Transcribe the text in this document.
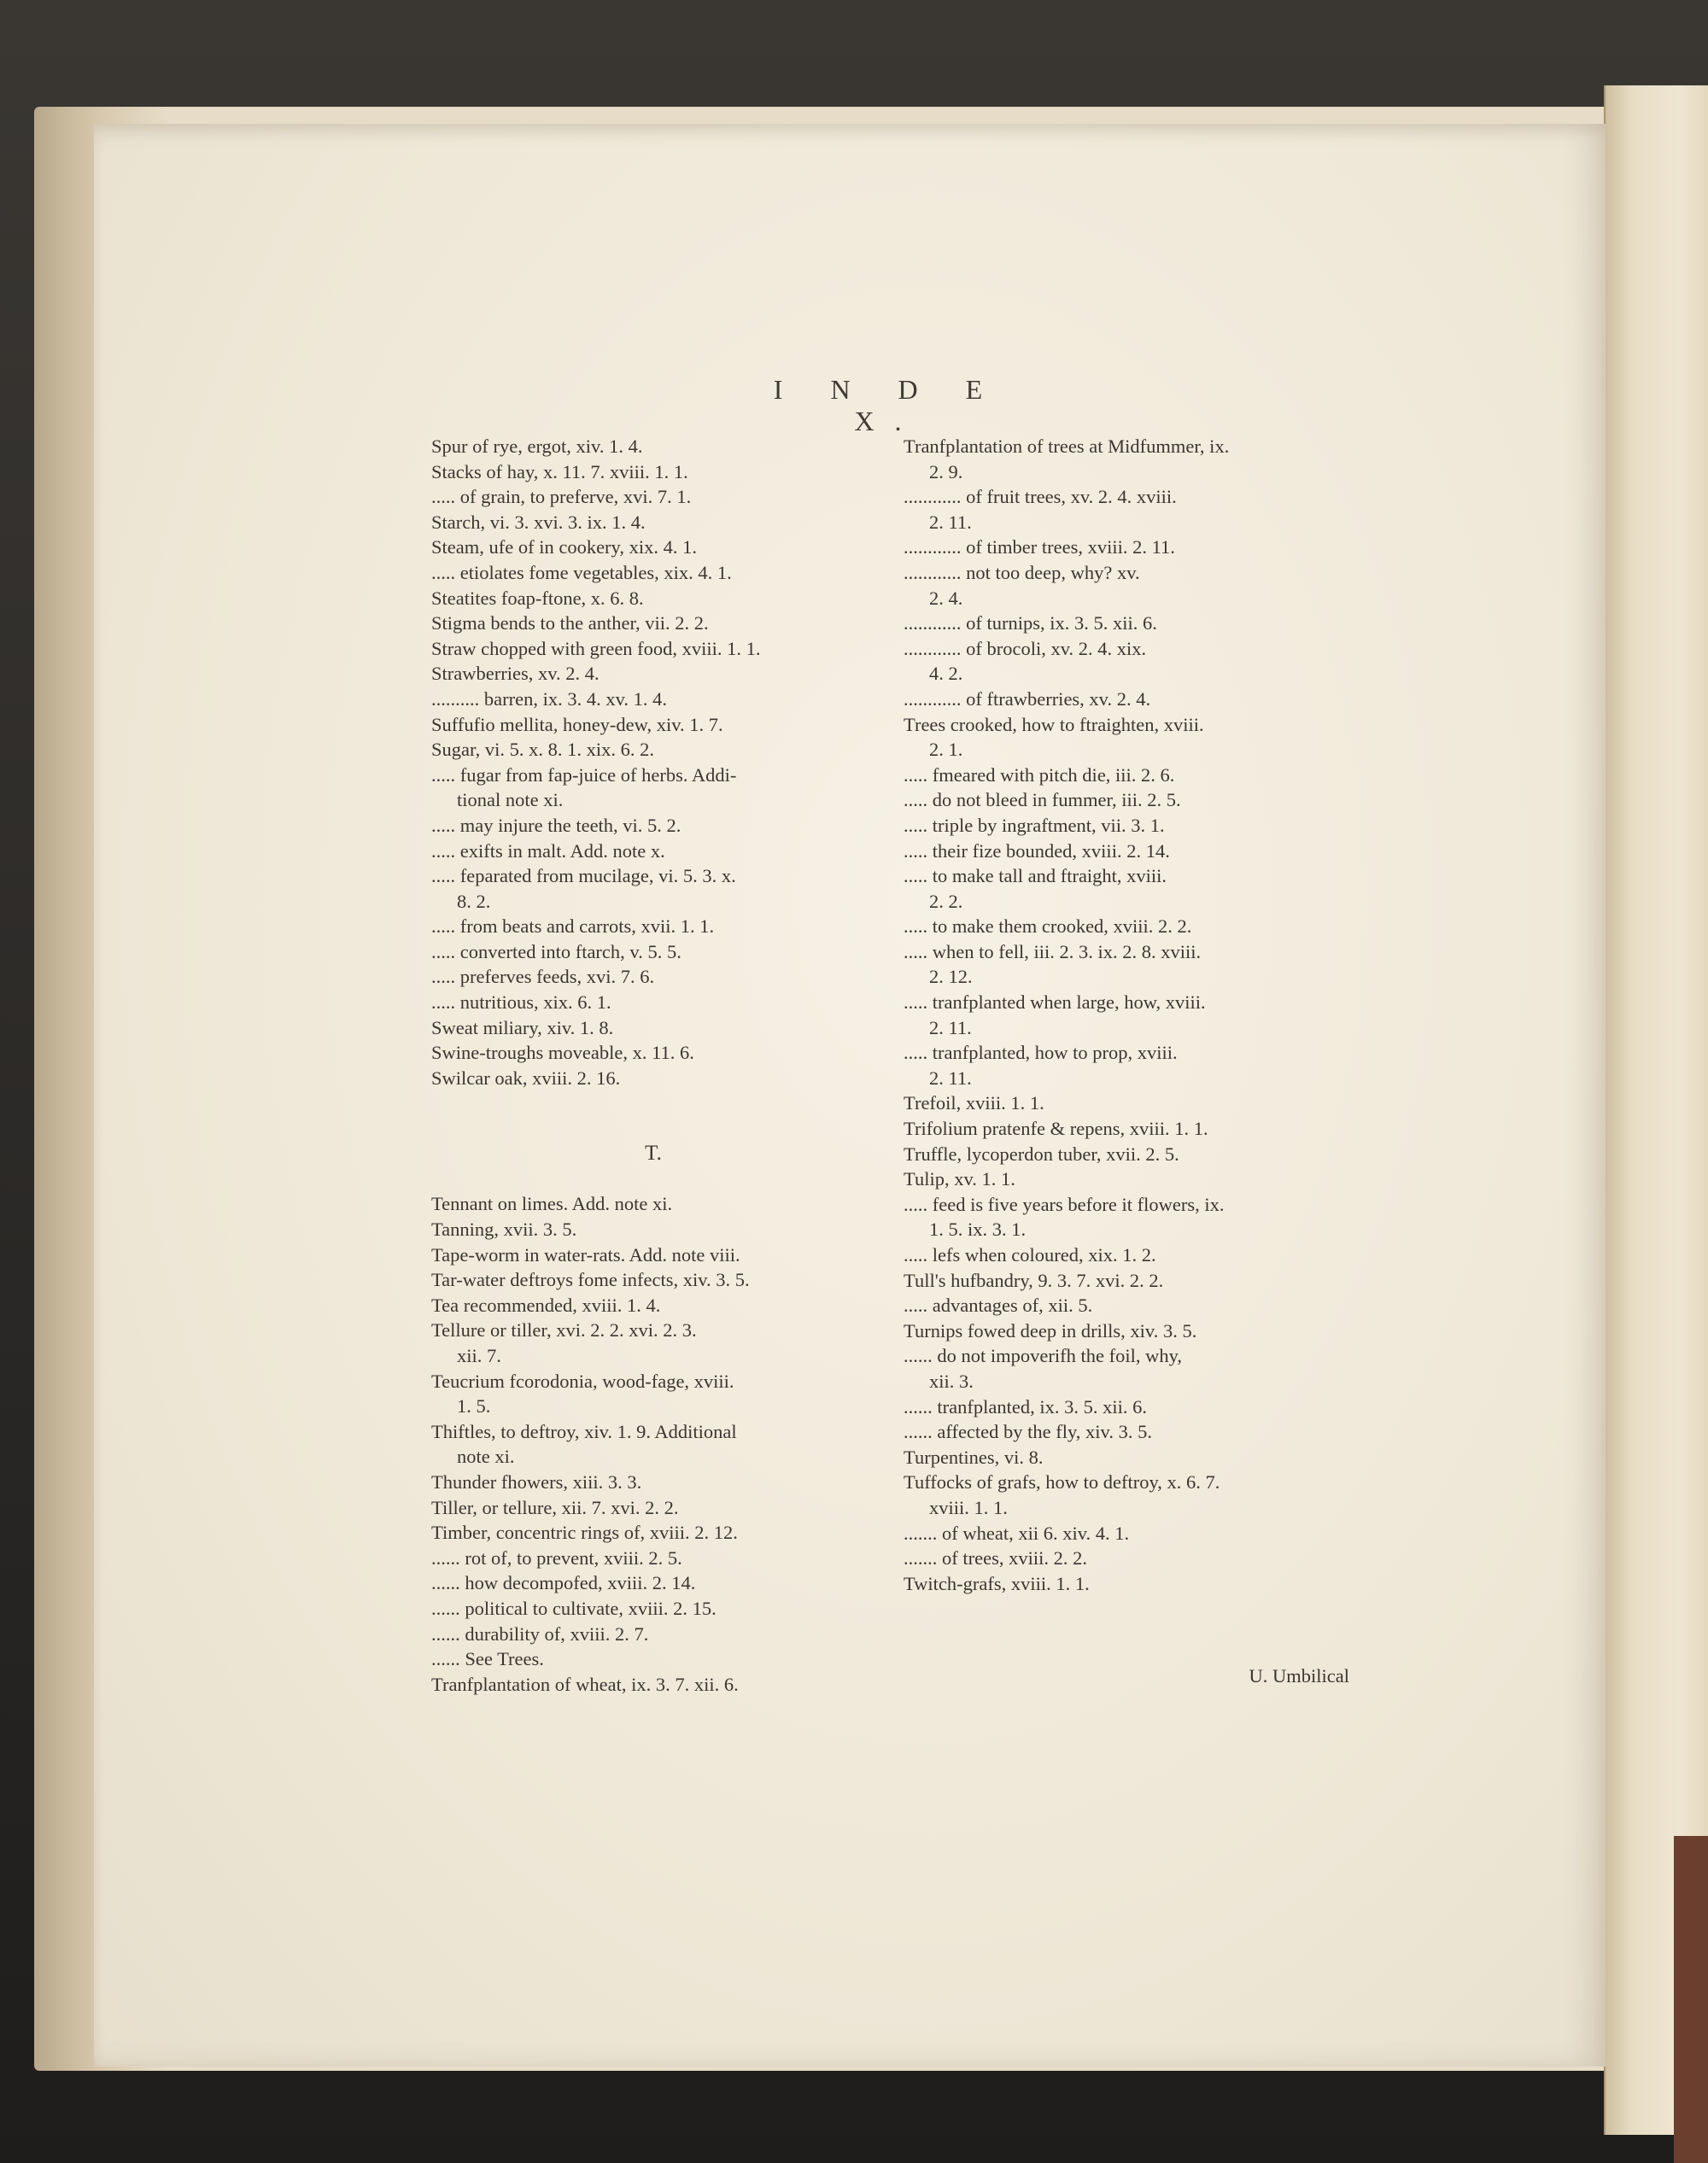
I N D E X.
Spur of rye, ergot, xiv. 1. 4.
Stacks of hay, x. 11. 7. xviii. 1. 1.
..... of grain, to preferve, xvi. 7. 1.
Starch, vi. 3. xvi. 3. ix. 1. 4.
Steam, ufe of in cookery, xix. 4. 1.
..... etiolates fome vegetables, xix. 4. 1.
Steatites foap-ftone, x. 6. 8.
Stigma bends to the anther, vii. 2. 2.
Straw chopped with green food, xviii. 1. 1.
Strawberries, xv. 2. 4.
.......... barren, ix. 3. 4. xv. 1. 4.
Suffufio mellita, honey-dew, xiv. 1. 7.
Sugar, vi. 5. x. 8. 1. xix. 6. 2.
..... fugar from fap-juice of herbs. Addi-
tional note xi.
..... may injure the teeth, vi. 5. 2.
..... exifts in malt. Add. note x.
..... feparated from mucilage, vi. 5. 3. x.
8. 2.
..... from beats and carrots, xvii. 1. 1.
..... converted into ftarch, v. 5. 5.
..... preferves feeds, xvi. 7. 6.
..... nutritious, xix. 6. 1.
Sweat miliary, xiv. 1. 8.
Swine-troughs moveable, x. 11. 6.
Swilcar oak, xviii. 2. 16.
T.
Tennant on limes. Add. note xi.
Tanning, xvii. 3. 5.
Tape-worm in water-rats. Add. note viii.
Tar-water deftroys fome infects, xiv. 3. 5.
Tea recommended, xviii. 1. 4.
Tellure or tiller, xvi. 2. 2. xvi. 2. 3.
xii. 7.
Teucrium fcorodonia, wood-fage, xviii.
1. 5.
Thiftles, to deftroy, xiv. 1. 9. Additional
note xi.
Thunder fhowers, xiii. 3. 3.
Tiller, or tellure, xii. 7. xvi. 2. 2.
Timber, concentric rings of, xviii. 2. 12.
...... rot of, to prevent, xviii. 2. 5.
...... how decompofed, xviii. 2. 14.
...... political to cultivate, xviii. 2. 15.
...... durability of, xviii. 2. 7.
...... See Trees.
Tranfplantation of wheat, ix. 3. 7. xii. 6.
Tranfplantation of trees at Midfummer, ix.
2. 9.
............ of fruit trees, xv. 2. 4. xviii.
2. 11.
............ of timber trees, xviii. 2. 11.
............ not too deep, why? xv.
2. 4.
............ of turnips, ix. 3. 5. xii. 6.
............ of brocoli, xv. 2. 4. xix.
4. 2.
............ of ftrawberries, xv. 2. 4.
Trees crooked, how to ftraighten, xviii.
2. 1.
..... fmeared with pitch die, iii. 2. 6.
..... do not bleed in fummer, iii. 2. 5.
..... triple by ingraftment, vii. 3. 1.
..... their fize bounded, xviii. 2. 14.
..... to make tall and ftraight, xviii.
2. 2.
..... to make them crooked, xviii. 2. 2.
..... when to fell, iii. 2. 3. ix. 2. 8. xviii.
2. 12.
..... tranfplanted when large, how, xviii.
2. 11.
..... tranfplanted, how to prop, xviii.
2. 11.
Trefoil, xviii. 1. 1.
Trifolium pratenfe & repens, xviii. 1. 1.
Truffle, lycoperdon tuber, xvii. 2. 5.
Tulip, xv. 1. 1.
..... feed is five years before it flowers, ix.
1. 5. ix. 3. 1.
..... lefs when coloured, xix. 1. 2.
Tull's hufbandry, 9. 3. 7. xvi. 2. 2.
..... advantages of, xii. 5.
Turnips fowed deep in drills, xiv. 3. 5.
...... do not impoverifh the foil, why,
xii. 3.
...... tranfplanted, ix. 3. 5. xii. 6.
...... affected by the fly, xiv. 3. 5.
Turpentines, vi. 8.
Tuffocks of grafs, how to deftroy, x. 6. 7.
xviii. 1. 1.
....... of wheat, xii 6. xiv. 4. 1.
....... of trees, xviii. 2. 2.
Twitch-grafs, xviii. 1. 1.
U. Umbilical
